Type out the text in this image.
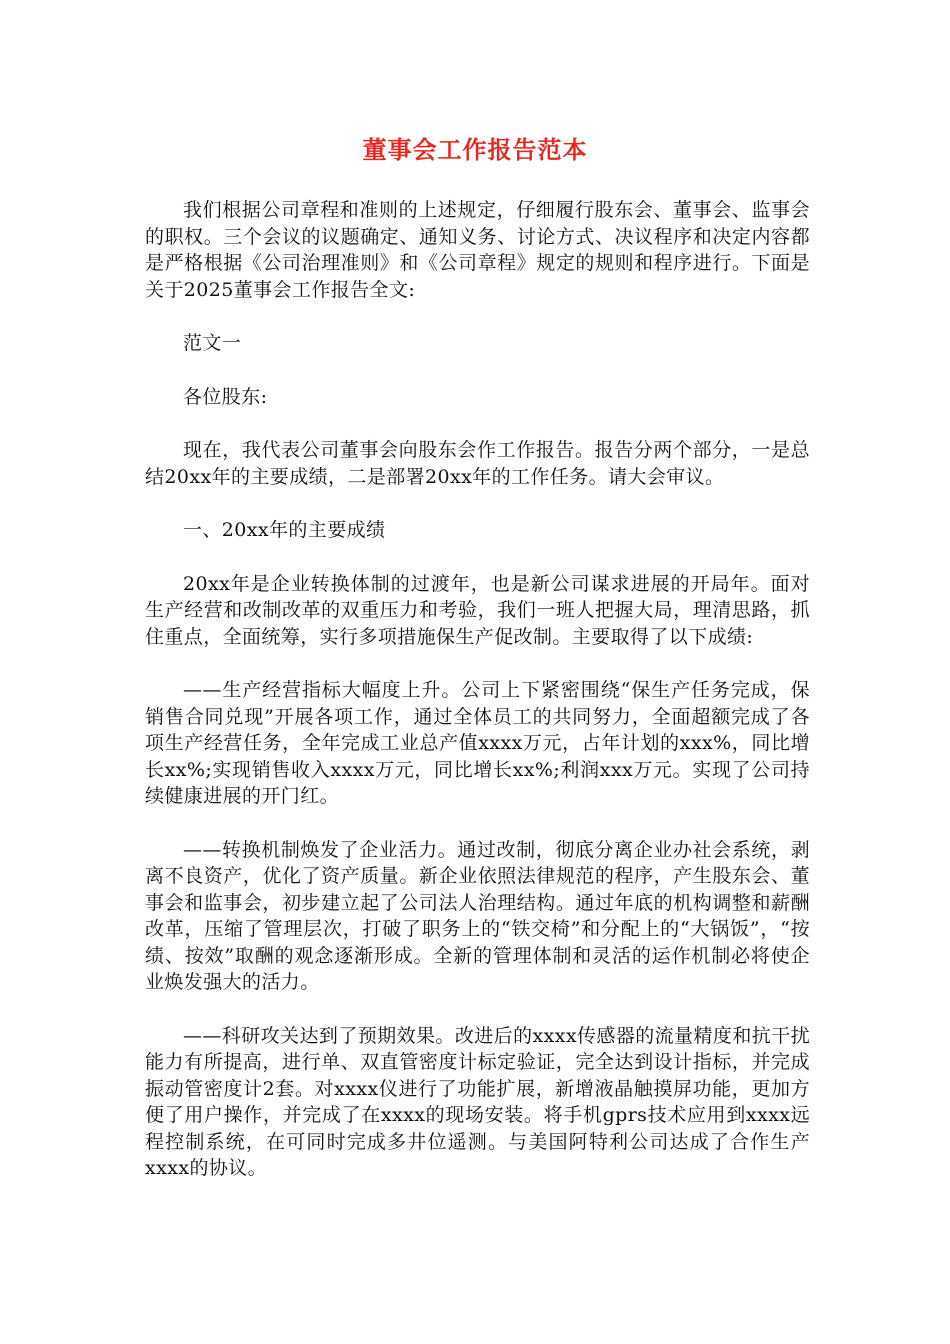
董事会工作报告范本

我们根据公司章程和准则的上述规定，仔细履行股东会、董事会、监事会的职权。三个会议的议题确定、通知义务、讨论方式、决议程序和决定内容都是严格根据《公司治理准则》和《公司章程》规定的规则和程序进行。下面是关于2025董事会工作报告全文:

范文一

各位股东:

现在，我代表公司董事会向股东会作工作报告。报告分两个部分，一是总结20xx年的主要成绩，二是部署20xx年的工作任务。请大会审议。

一、20xx年的主要成绩

20xx年是企业转换体制的过渡年，也是新公司谋求进展的开局年。面对生产经营和改制改革的双重压力和考验，我们一班人把握大局，理清思路，抓住重点，全面统筹，实行多项措施保生产促改制。主要取得了以下成绩:

——生产经营指标大幅度上升。公司上下紧密围绕“保生产任务完成，保销售合同兑现”开展各项工作，通过全体员工的共同努力，全面超额完成了各项生产经营任务，全年完成工业总产值xxxx万元，占年计划的xxx%，同比增长xx%;实现销售收入xxxx万元，同比增长xx%;利润xxx万元。实现了公司持续健康进展的开门红。

——转换机制焕发了企业活力。通过改制，彻底分离企业办社会系统，剥离不良资产，优化了资产质量。新企业依照法律规范的程序，产生股东会、董事会和监事会，初步建立起了公司法人治理结构。通过年底的机构调整和薪酬改革，压缩了管理层次，打破了职务上的“铁交椅”和分配上的“大锅饭”，“按绩、按效”取酬的观念逐渐形成。全新的管理体制和灵活的运作机制必将使企业焕发强大的活力。

——科研攻关达到了预期效果。改进后的xxxx传感器的流量精度和抗干扰能力有所提高，进行单、双直管密度计标定验证，完全达到设计指标，并完成振动管密度计2套。对xxxx仪进行了功能扩展，新增液晶触摸屏功能，更加方便了用户操作，并完成了在xxxx的现场安装。将手机gprs技术应用到xxxx远程控制系统，在可同时完成多井位遥测。与美国阿特利公司达成了合作生产xxxx的协议。
